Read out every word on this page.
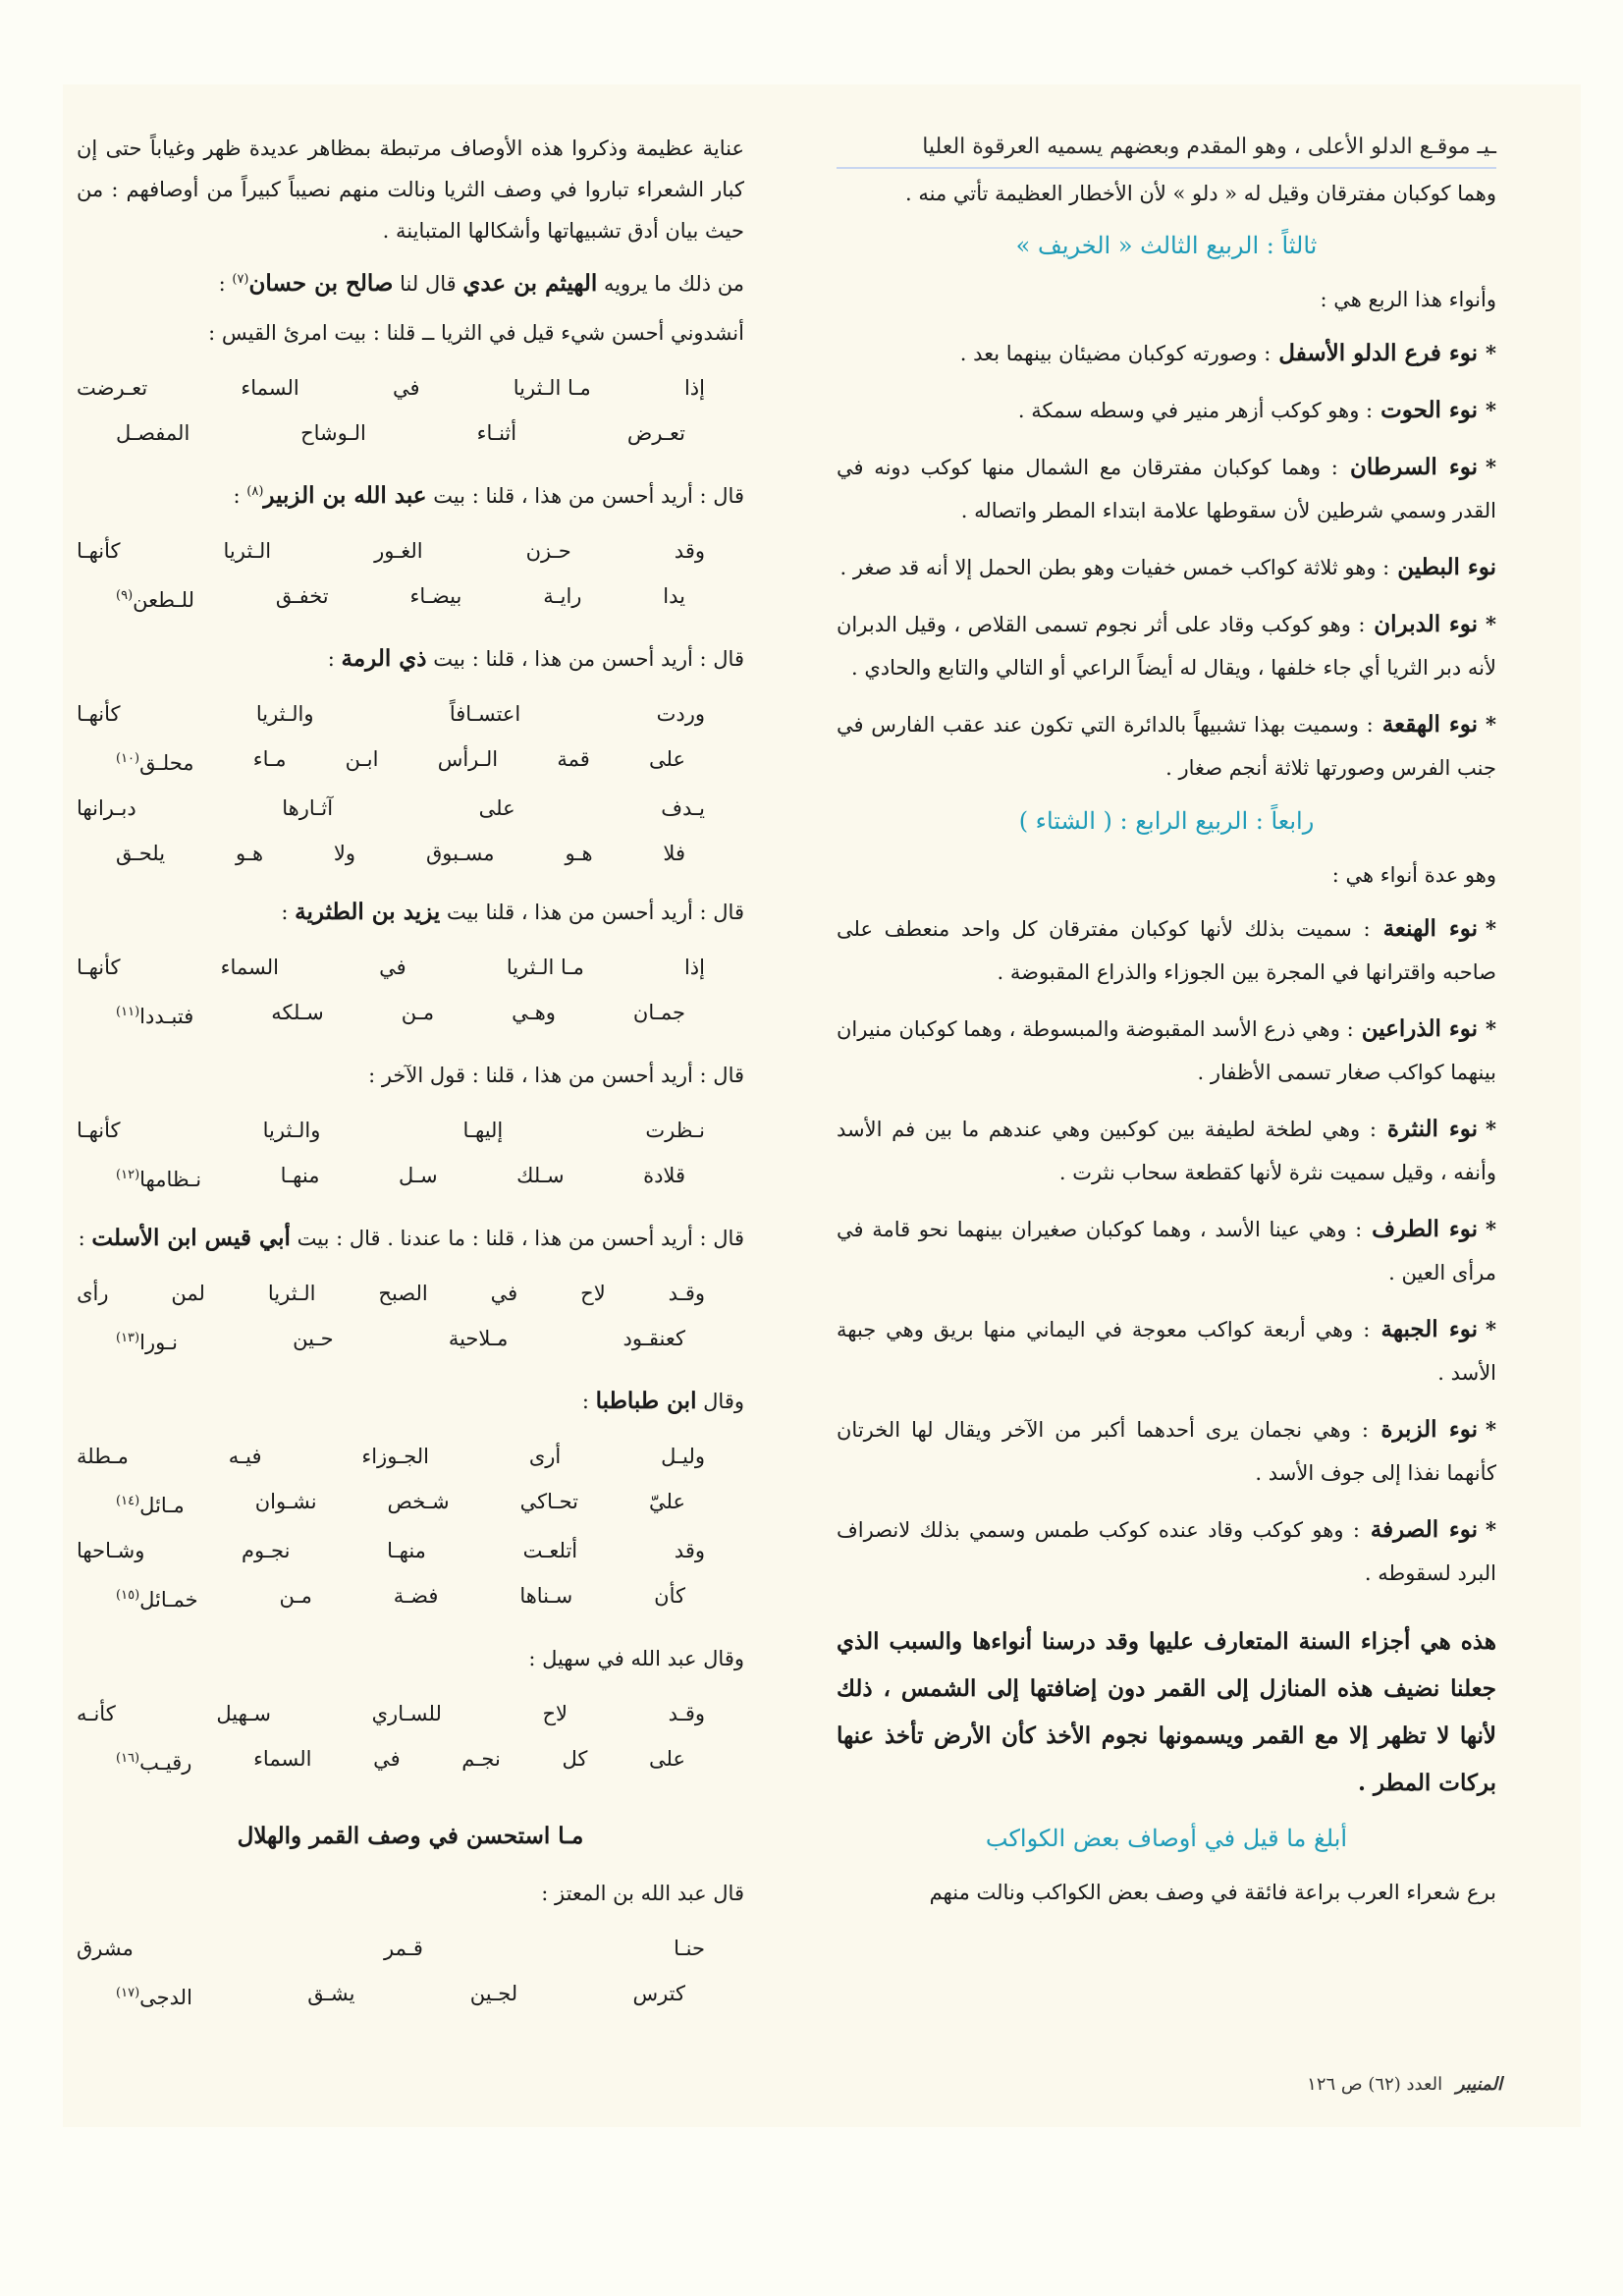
ـيـ موقـع الدلو الأعلى ، وهو المقدم وبعضهم يسميه العرقوة العليا
وهما كوكبان مفترقان وقيل له « دلو » لأن الأخطار العظيمة تأتي منه .
ثالثاً : الربيع الثالث « الخريف »
وأنواء هذا الربع هي :
*نوء فرع الدلو الأسفل : وصورته كوكبان مضيئان بينهما بعد .
*نوء الحوت : وهو كوكب أزهر منير في وسطه سمكة .
*نوء السرطان : وهما كوكبان مفترقان مع الشمال منها كوكب دونه في القدر وسمي شرطين لأن سقوطها علامة ابتداء المطر واتصاله .
نوء البطين : وهو ثلاثة كواكب خمس خفيات وهو بطن الحمل إلا أنه قد صغر .
*نوء الدبران : وهو كوكب وقاد على أثر نجوم تسمى القلاص ، وقيل الدبران لأنه دبر الثريا أي جاء خلفها ، ويقال له أيضاً الراعي أو التالي والتابع والحادي .
*نوء الهقعة : وسميت بهذا تشبيهاً بالدائرة التي تكون عند عقب الفارس في جنب الفرس وصورتها ثلاثة أنجم صغار .
رابعاً : الربيع الرابع : ( الشتاء )
وهو عدة أنواء هي :
*نوء الهنعة : سميت بذلك لأنها كوكبان مفترقان كل واحد منعطف على صاحبه واقترانها في المجرة بين الجوزاء والذراع المقبوضة .
*نوء الذراعين : وهي ذرع الأسد المقبوضة والمبسوطة ، وهما كوكبان منيران بينهما كواكب صغار تسمى الأظفار .
*نوء النثرة : وهي لطخة لطيفة بين كوكبين وهي عندهم ما بين فم الأسد وأنفه ، وقيل سميت نثرة لأنها كقطعة سحاب نثرت .
*نوء الطرف : وهي عينا الأسد ، وهما كوكبان صغيران بينهما نحو قامة في مرأى العين .
*نوء الجبهة : وهي أربعة كواكب معوجة في اليماني منها بريق وهي جبهة الأسد .
*نوء الزبرة : وهي نجمان يرى أحدهما أكبر من الآخر ويقال لها الخرتان كأنهما نفذا إلى جوف الأسد .
*نوء الصرفة : وهو كوكب وقاد عنده كوكب طمس وسمي بذلك لانصراف البرد لسقوطه .
هذه هي أجزاء السنة المتعارف عليها وقد درسنا أنواءها والسبب الذي جعلنا نضيف هذه المنازل إلى القمر دون إضافتها إلى الشمس ، ذلك لأنها لا تظهر إلا مع القمر ويسمونها نجوم الأخذ كأن الأرض تأخذ عنها بركات المطر .
أبلغ ما قيل في أوصاف بعض الكواكب
برع شعراء العرب براعة فائقة في وصف بعض الكواكب ونالت منهم
عناية عظيمة وذكروا هذه الأوصاف مرتبطة بمظاهر عديدة ظهر وغياباً حتى إن كبار الشعراء تباروا في وصف الثريا ونالت منهم نصيباً كبيراً من أوصافهم : من حيث بيان أدق تشبيهاتها وأشكالها المتباينة .
من ذلك ما يرويه الهيثم بن عدي قال لنا صالح بن حسان$^{(٧)}$ :
أنشدوني أحسن شيء قيل في الثريا ــ قلنا : بيت امرئ القيس :
إذا
مـا الـثريا
في
السماء
تعـرضت
تعـرض
أثنـاء
الـوشاح
المفصـل
قال : أريد أحسن من هذا ، قلنا : بيت عبد الله بن الزبير$^{(٨)}$ :
وقد
حـزن
الغـور
الـثريا
كأنهـا
يدا
رايـة
بيضـاء
تخفـق
للـطعن$^{(٩)}$
قال : أريد أحسن من هذا ، قلنا : بيت ذي الرمة :
وردت
اعتسـافاً
والـثريا
كأنهـا
على
قمة
الـرأس
ابـن
مـاء
محلـق$^{(١٠)}$
يـدف
على
آثـارها
دبـرانها
فلا
هـو
مسـبوق
ولا
هـو
يلحـق
قال : أريد أحسن من هذا ، قلنا بيت يزيد بن الطثرية :
إذا
مـا الـثريا
في
السماء
كأنهـا
جمـان
وهـي
مـن
سـلكه
فتبـددا$^{(١١)}$
قال : أريد أحسن من هذا ، قلنا : قول الآخر :
نـظرت
إليهـا
والـثريا
كأنهـا
قلادة
سـلك
سـل
منهـا
نـظامها$^{(١٢)}$
قال : أريد أحسن من هذا ، قلنا : ما عندنا . قال : بيت أبي قيس ابن الأسلت :
وقـد
لاح
في
الصبح
الـثريا
لمن
رأى
كعنقـود
مـلاحية
حـين
نـورا$^{(١٣)}$
وقال ابن طباطبا :
وليـل
أرى
الجـوزاء
فيـه
مـطلة
عليّ
تحـاكي
شـخص
نشـوان
مـائل$^{(١٤)}$
وقد
أتلعـت
منهـا
نجـوم
وشـاحها
كأن
سـناها
فضـة
مـن
خمـائل$^{(١٥)}$
وقال عبد الله في سهيل :
وقـد
لاح
للسـاري
سـهيل
كأنـه
على
كل
نجـم
في
السماء
رقيـب$^{(١٦)}$
مـا استحسن في وصف القمر والهلال
قال عبد الله بن المعتز :
حنـا
قـمر
مشرق
كترس
لجـين
يشـق
الدجى$^{(١٧)}$
المنيبر العدد (٦٢) ص ١٢٦
